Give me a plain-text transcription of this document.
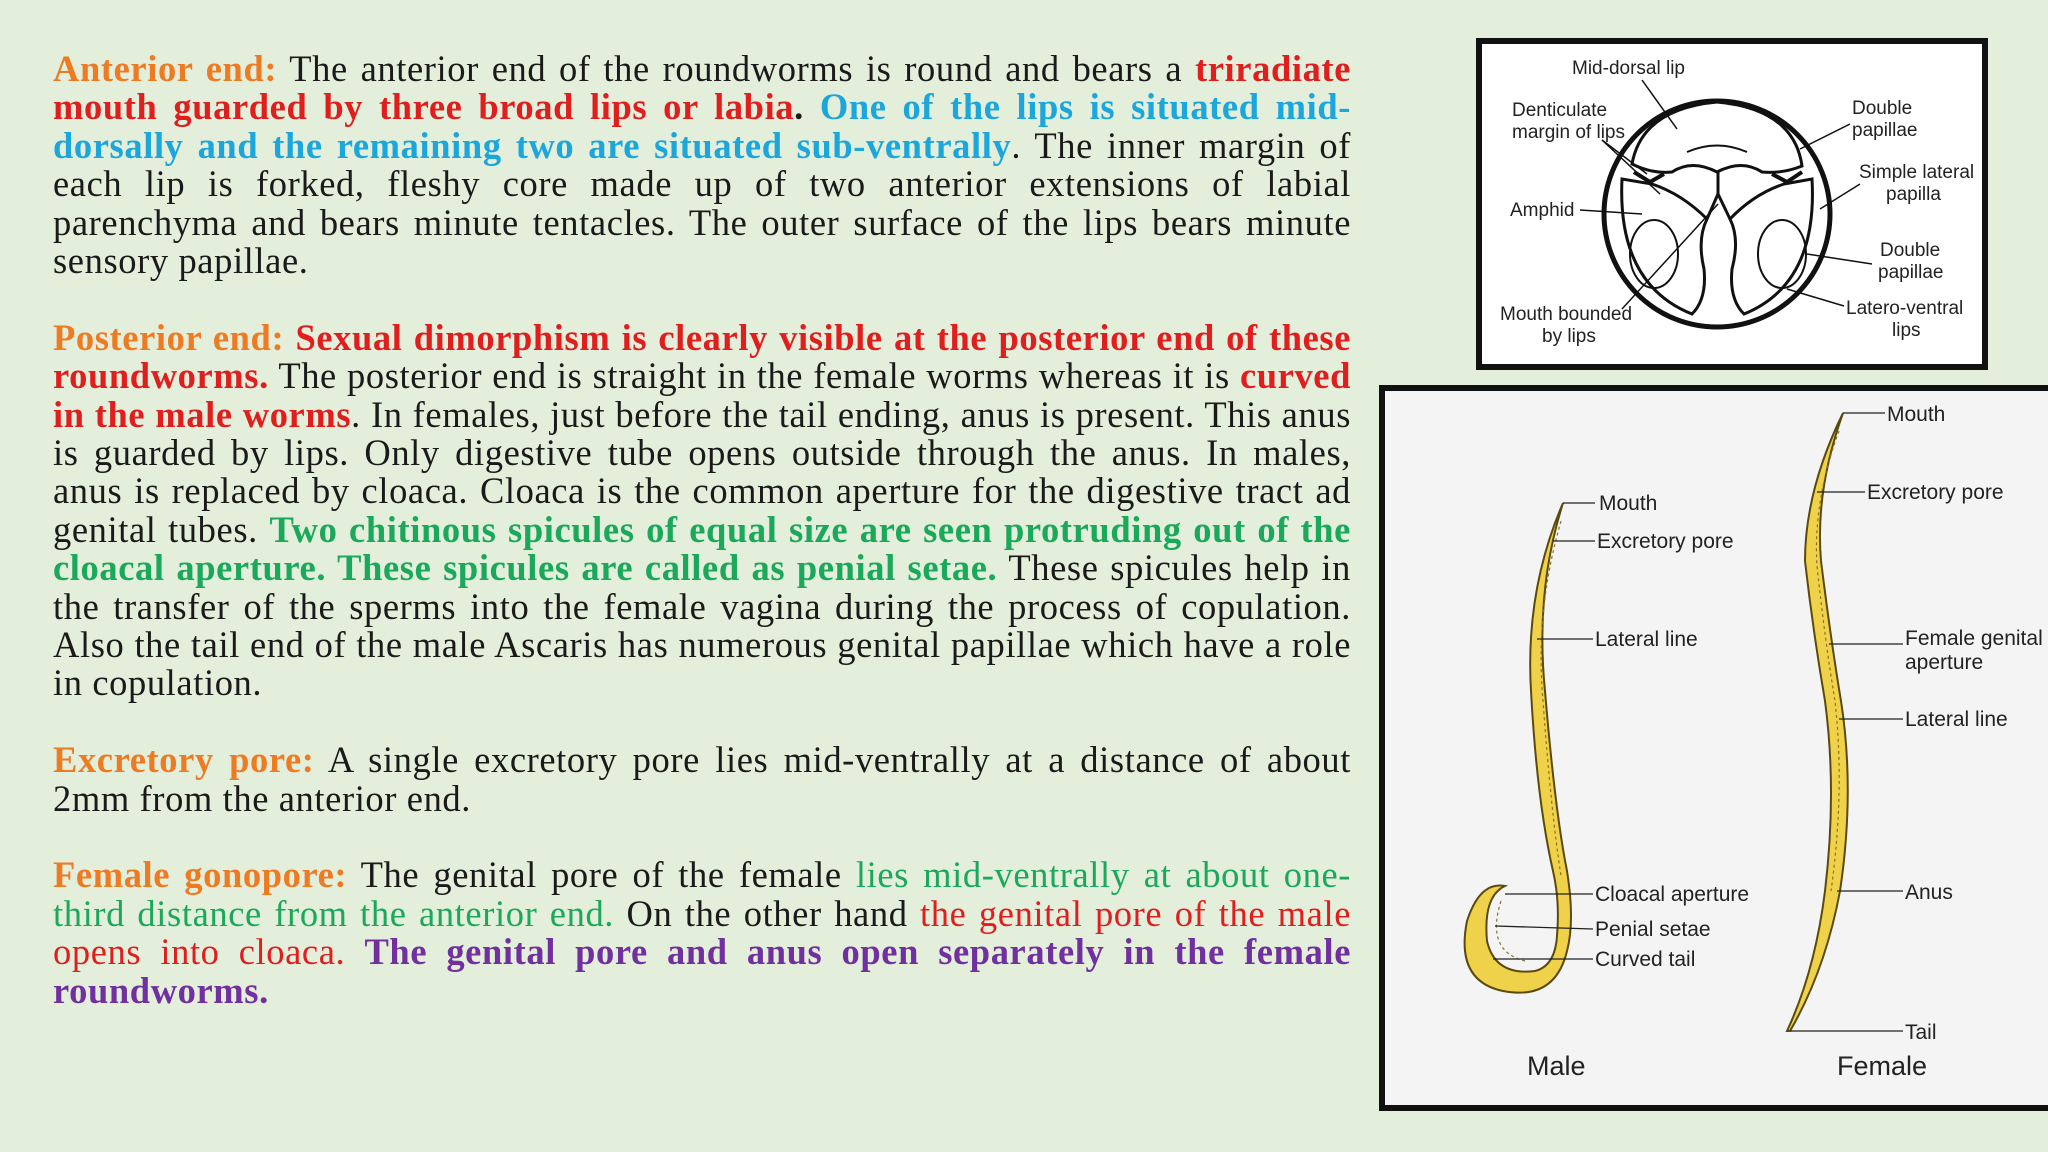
Anterior end: The anterior end of the roundworms is round and bears a triradiate mouth guarded by three broad lips or labia. One of the lips is situated mid-dorsally and the remaining two are situated sub-ventrally. The inner margin of each lip is forked, fleshy core made up of two anterior extensions of labial parenchyma and bears minute tentacles. The outer surface of the lips bears minute sensory papillae.

Posterior end: Sexual dimorphism is clearly visible at the posterior end of these roundworms. The posterior end is straight in the female worms whereas it is curved in the male worms. In females, just before the tail ending, anus is present. This anus is guarded by lips. Only digestive tube opens outside through the anus. In males, anus is replaced by cloaca. Cloaca is the common aperture for the digestive tract ad genital tubes. Two chitinous spicules of equal size are seen protruding out of the cloacal aperture. These spicules are called as penial setae. These spicules help in the transfer of the sperms into the female vagina during the process of copulation. Also the tail end of the male Ascaris has numerous genital papillae which have a role in copulation.

Excretory pore: A single excretory pore lies mid-ventrally at a distance of about 2mm from the anterior end.

Female gonopore: The genital pore of the female lies mid-ventrally at about one-third distance from the anterior end. On the other hand the genital pore of the male opens into cloaca. The genital pore and anus open separately in the female roundworms.

Mid-dorsal lip
Denticulate
margin of lips
Double
papillae
Simple lateral
papilla
Amphid
Double
papillae
Mouth bounded
by lips
Latero-ventral
lips
Mouth
Excretory pore
Lateral line
Cloacal aperture
Penial setae
Curved tail
Mouth
Excretory pore
Female genital
aperture
Lateral line
Anus
Tail
Male	Female
